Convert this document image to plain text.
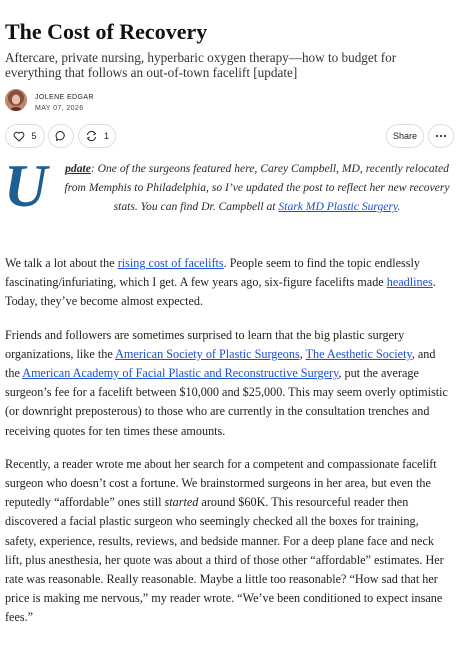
The Cost of Recovery

Aftercare, private nursing, hyperbaric oxygen therapy—how to budget for everything that follows an out-of-town facelift [update]

JOLENE EDGAR
MAY 07, 2026
5	1	Share
U pdate: One of the surgeons featured here, Carey Campbell, MD, recently relocated from Memphis to Philadelphia, so I’ve updated the post to reflect her new recovery stats. You can find Dr. Campbell at Stark MD Plastic Surgery.

We talk a lot about the rising cost of facelifts. People seem to find the topic endlessly fascinating/infuriating, which I get. A few years ago, six-figure facelifts made headlines. Today, they’ve become almost expected.

Friends and followers are sometimes surprised to learn that the big plastic surgery organizations, like the American Society of Plastic Surgeons, The Aesthetic Society, and the American Academy of Facial Plastic and Reconstructive Surgery, put the average surgeon’s fee for a facelift between $10,000 and $25,000. This may seem overly optimistic (or downright preposterous) to those who are currently in the consultation trenches and receiving quotes for ten times these amounts.

Recently, a reader wrote me about her search for a competent and compassionate facelift surgeon who doesn’t cost a fortune. We brainstormed surgeons in her area, but even the reputedly “affordable” ones still started around $60K. This resourceful reader then discovered a facial plastic surgeon who seemingly checked all the boxes for training, safety, experience, results, reviews, and bedside manner. For a deep plane face and neck lift, plus anesthesia, her quote was about a third of those other “affordable” estimates. Her rate was reasonable. Really reasonable. Maybe a little too reasonable? “How sad that her price is making me nervous,” my reader wrote. “We’ve been conditioned to expect insane fees.”
